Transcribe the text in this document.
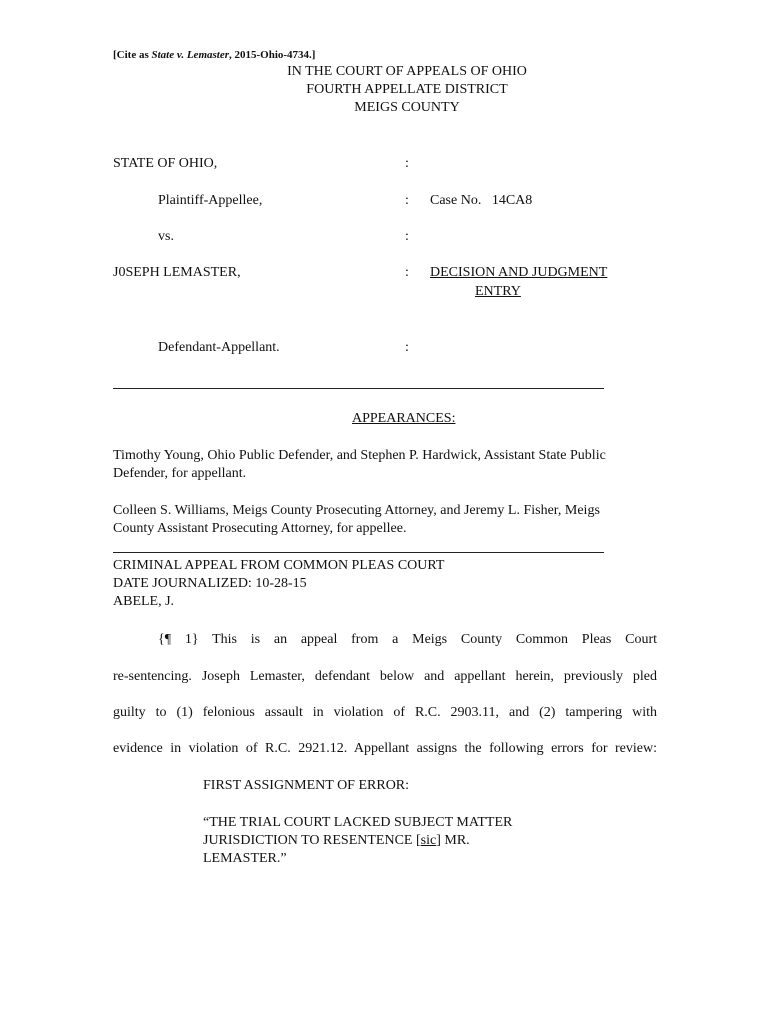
[Cite as State v. Lemaster, 2015-Ohio-4734.]
IN THE COURT OF APPEALS OF OHIO
FOURTH APPELLATE DISTRICT
MEIGS COUNTY
STATE OF OHIO,	:
Plaintiff-Appellee,	: Case No.   14CA8
vs.	:
J0SEPH LEMASTER,	: DECISION AND JUDGMENT
ENTRY
Defendant-Appellant.	:
APPEARANCES:
Timothy Young, Ohio Public Defender, and Stephen P. Hardwick, Assistant State Public
Defender, for appellant.
Colleen S. Williams, Meigs County Prosecuting Attorney, and Jeremy L. Fisher, Meigs
County Assistant Prosecuting Attorney, for appellee.
CRIMINAL APPEAL FROM COMMON PLEAS COURT
DATE JOURNALIZED: 10-28-15
ABELE, J.
{¶ 1} This is an appeal from a Meigs County Common Pleas Court
re-sentencing. Joseph Lemaster, defendant below and appellant herein, previously pled
guilty to (1) felonious assault in violation of R.C. 2903.11, and (2) tampering with
evidence in violation of R.C. 2921.12. Appellant assigns the following errors for review:
FIRST ASSIGNMENT OF ERROR:
“THE TRIAL COURT LACKED SUBJECT MATTER
JURISDICTION TO RESENTENCE [sic] MR.
LEMASTER.”
